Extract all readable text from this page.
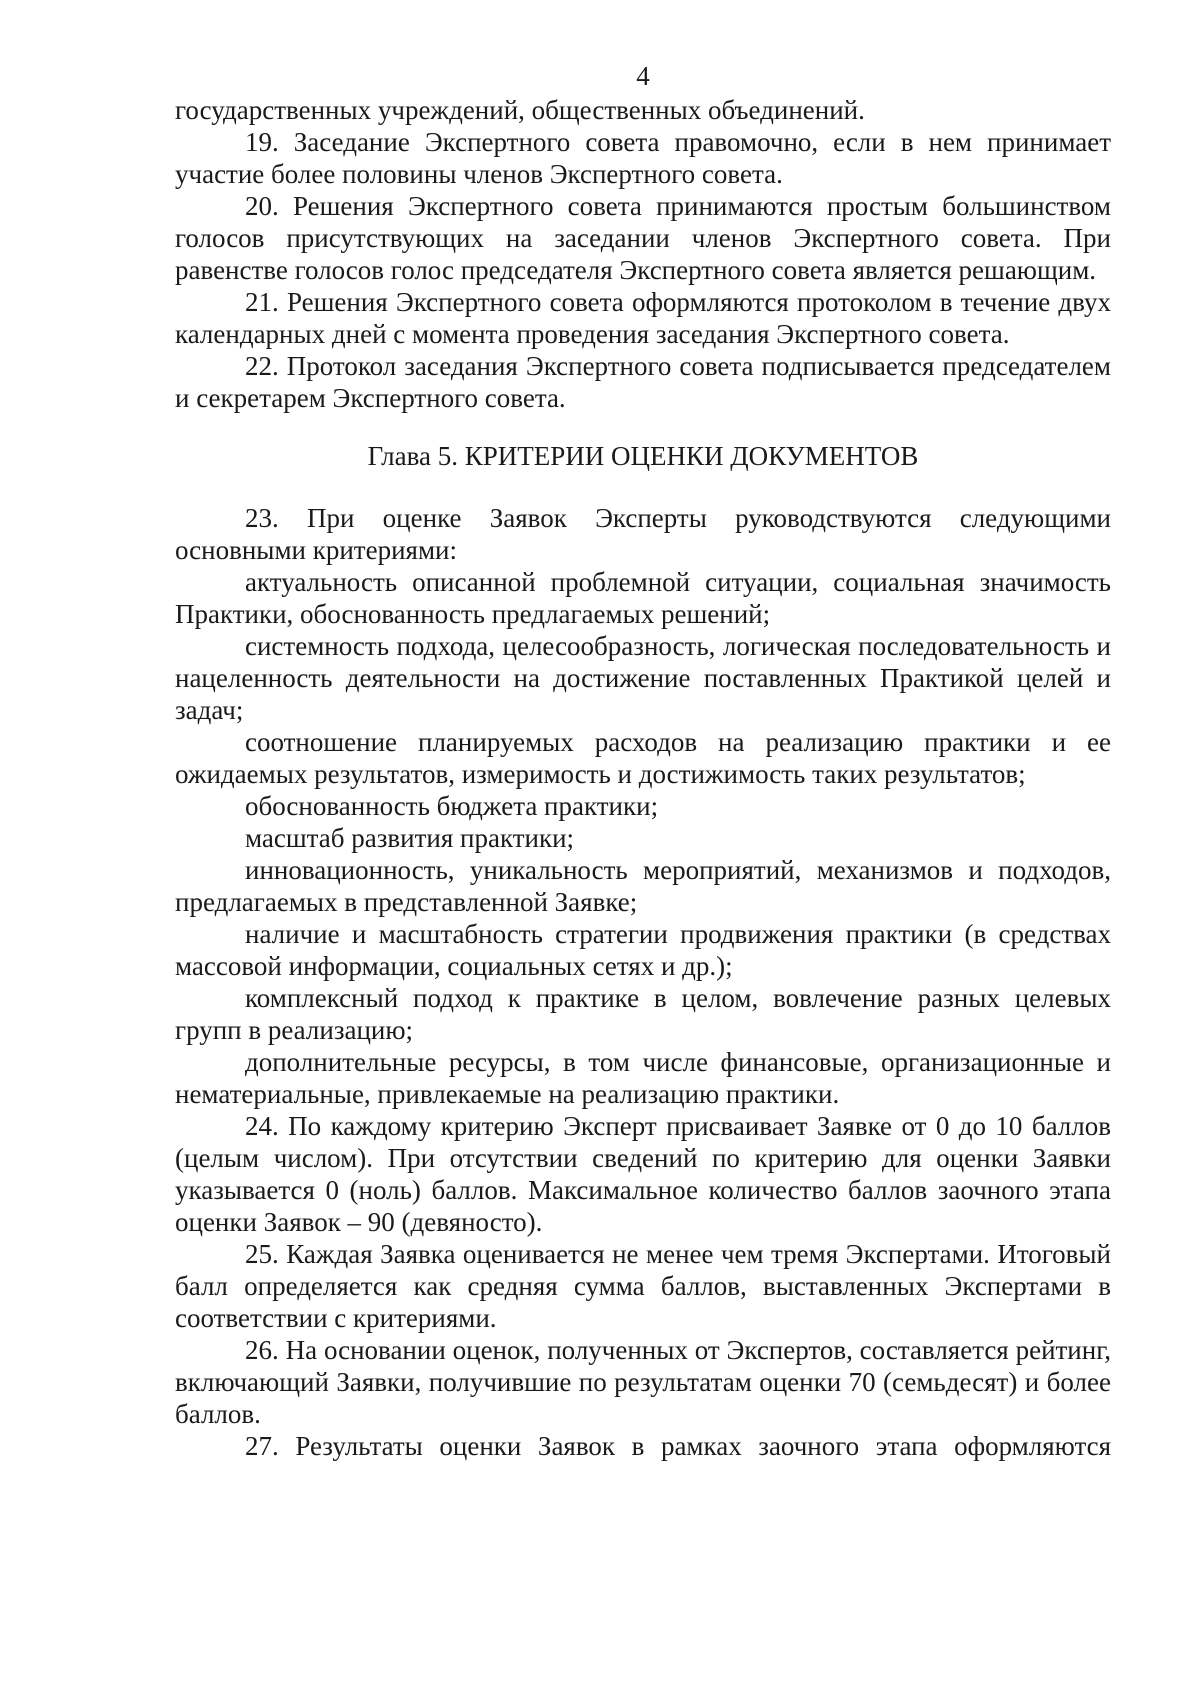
4

государственных учреждений, общественных объединений.

19. Заседание Экспертного совета правомочно, если в нем принимает участие более половины членов Экспертного совета.

20. Решения Экспертного совета принимаются простым большинством голосов присутствующих на заседании членов Экспертного совета. При равенстве голосов голос председателя Экспертного совета является решающим.

21. Решения Экспертного совета оформляются протоколом в течение двух календарных дней с момента проведения заседания Экспертного совета.

22. Протокол заседания Экспертного совета подписывается председателем и секретарем Экспертного совета.

Глава 5. КРИТЕРИИ ОЦЕНКИ ДОКУМЕНТОВ

23. При оценке Заявок Эксперты руководствуются следующими основными критериями:

актуальность описанной проблемной ситуации, социальная значимость Практики, обоснованность предлагаемых решений;

системность подхода, целесообразность, логическая последовательность и нацеленность деятельности на достижение поставленных Практикой целей и задач;

соотношение планируемых расходов на реализацию практики и ее ожидаемых результатов, измеримость и достижимость таких результатов;

обоснованность бюджета практики;

масштаб развития практики;

инновационность, уникальность мероприятий, механизмов и подходов, предлагаемых в представленной Заявке;

наличие и масштабность стратегии продвижения практики (в средствах массовой информации, социальных сетях и др.);

комплексный подход к практике в целом, вовлечение разных целевых групп в реализацию;

дополнительные ресурсы, в том числе финансовые, организационные и нематериальные, привлекаемые на реализацию практики.

24. По каждому критерию Эксперт присваивает Заявке от 0 до 10 баллов (целым числом). При отсутствии сведений по критерию для оценки Заявки указывается 0 (ноль) баллов. Максимальное количество баллов заочного этапа оценки Заявок – 90 (девяносто).

25. Каждая Заявка оценивается не менее чем тремя Экспертами. Итоговый балл определяется как средняя сумма баллов, выставленных Экспертами в соответствии с критериями.

26. На основании оценок, полученных от Экспертов, составляется рейтинг, включающий Заявки, получившие по результатам оценки 70 (семьдесят) и более баллов.

27. Результаты оценки Заявок в рамках заочного этапа оформляются
